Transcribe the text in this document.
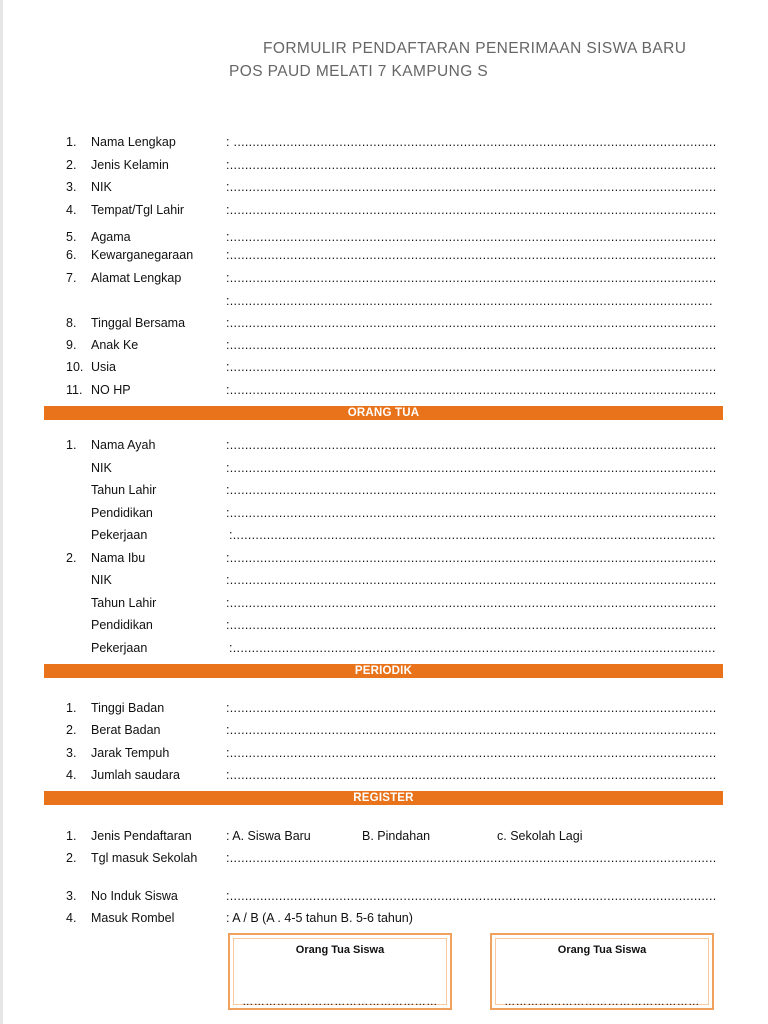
FORMULIR PENDAFTARAN PENERIMAAN SISWA BARU
POS PAUD MELATI 7 KAMPUNG S
1.	Nama Lengkap	: .....
2.	Jenis Kelamin	: .....
3.	NIK	: .....
4.	Tempat/Tgl Lahir	: .....
5.	Agama	: .....
6.	Kewarganegaraan	: .....
7.	Alamat Lengkap	: .....
: .....
8.	Tinggal Bersama	: .....
9.	Anak Ke	: .....
10. Usia	: .....
11. NO HP	: .....
ORANG TUA
1.	Nama Ayah	: .....
NIK	: .....
Tahun Lahir	: .....
Pendidikan	: .....
Pekerjaan	: .....
2.	Nama Ibu	: .....
NIK	: .....
Tahun Lahir	: .....
Pendidikan	: .....
Pekerjaan	: .....
PERIODIK
1.	Tinggi Badan	: .....
2.	Berat Badan	: .....
3.	Jarak Tempuh	: .....
4.	Jumlah saudara	: .....
REGISTER
1.	Jenis Pendaftaran	: A. Siswa Baru	B. Pindahan	c. Sekolah Lagi
2.	Tgl masuk Sekolah : .....
3.	No Induk Siswa	: .....
4.	Masuk Rombel	: A / B (A . 4-5 tahun B. 5-6 tahun)
Orang Tua Siswa
……………………………………………
Orang Tua Siswa
……………………………………………
